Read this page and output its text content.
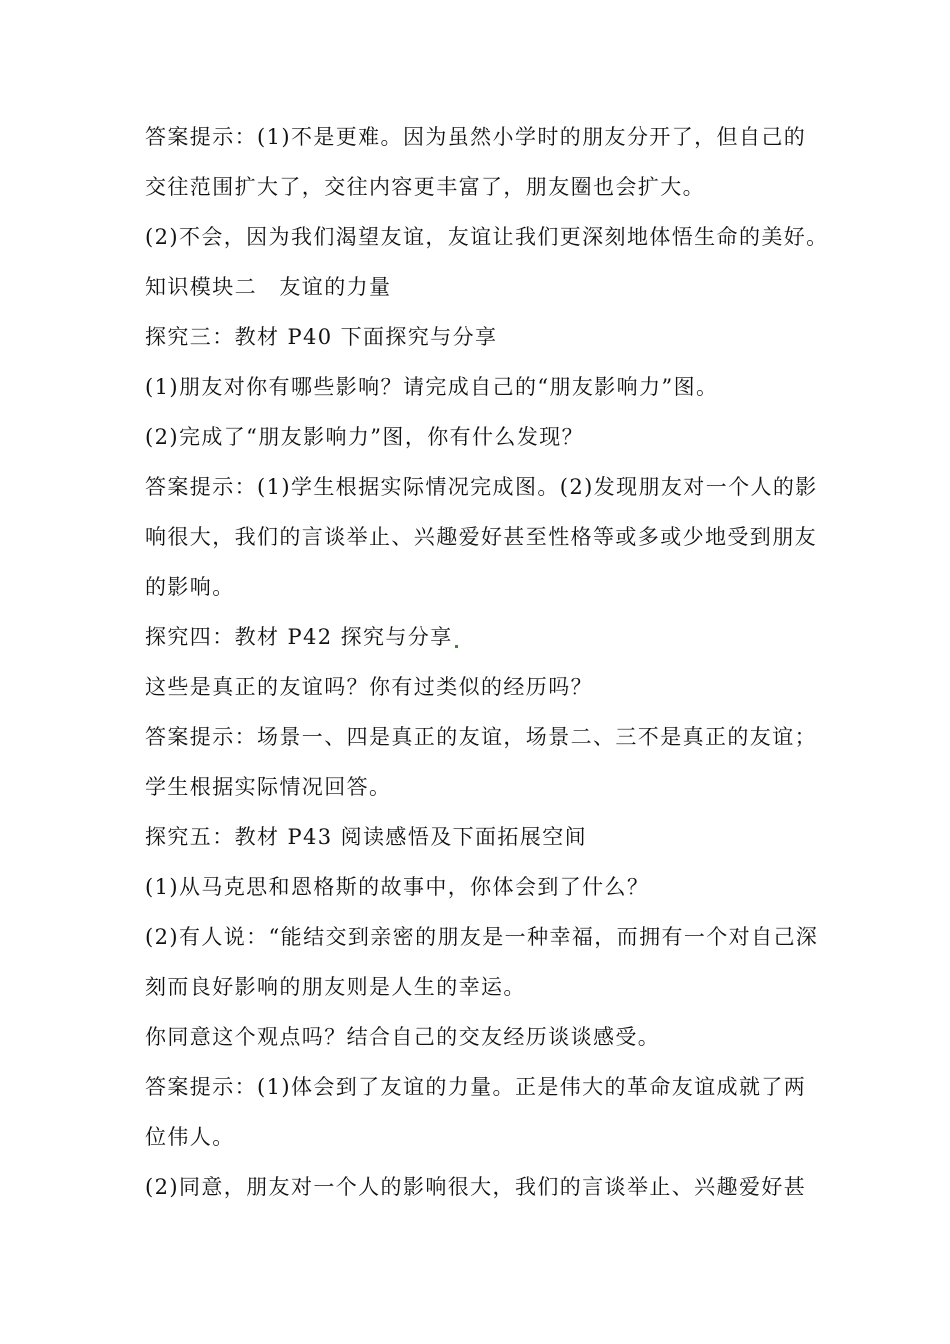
答案提示：(1)不是更难。因为虽然小学时的朋友分开了，但自己的
交往范围扩大了，交往内容更丰富了，朋友圈也会扩大。
(2)不会，因为我们渴望友谊，友谊让我们更深刻地体悟生命的美好。
知识模块二　友谊的力量
探究三：教材 P40 下面探究与分享
(1)朋友对你有哪些影响？请完成自己的“朋友影响力”图。
(2)完成了“朋友影响力”图，你有什么发现？
答案提示：(1)学生根据实际情况完成图。(2)发现朋友对一个人的影
响很大，我们的言谈举止、兴趣爱好甚至性格等或多或少地受到朋友
的影响。
探究四：教材 P42 探究与分享
这些是真正的友谊吗？你有过类似的经历吗？
答案提示：场景一、四是真正的友谊，场景二、三不是真正的友谊；
学生根据实际情况回答。
探究五：教材 P43 阅读感悟及下面拓展空间
(1)从马克思和恩格斯的故事中，你体会到了什么？
(2)有人说：“能结交到亲密的朋友是一种幸福，而拥有一个对自己深
刻而良好影响的朋友则是人生的幸运。
你同意这个观点吗？结合自己的交友经历谈谈感受。
答案提示：(1)体会到了友谊的力量。正是伟大的革命友谊成就了两
位伟人。
(2)同意，朋友对一个人的影响很大，我们的言谈举止、兴趣爱好甚
